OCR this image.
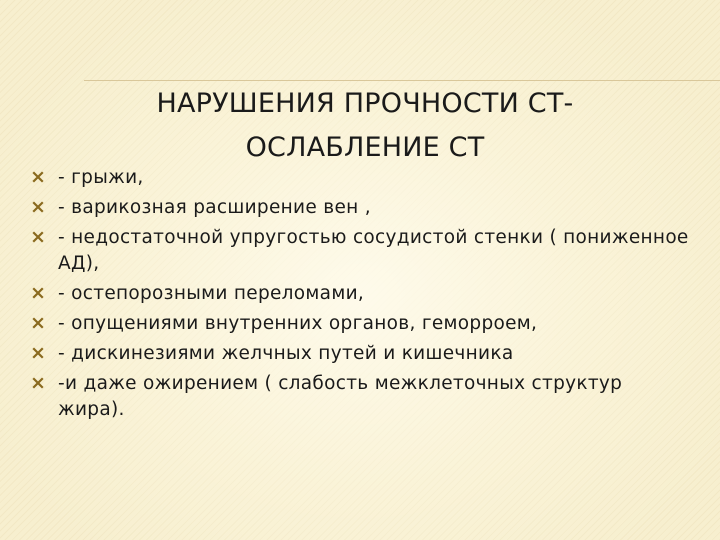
НАРУШЕНИЯ ПРОЧНОСТИ СТ-
ОСЛАБЛЕНИЕ СТ
- грыжи,
- варикозная расширение вен ,
- недостаточной упругостью сосудистой стенки ( пониженное АД),
- остепорозными переломами,
- опущениями внутренних органов, геморроем,
- дискинезиями желчных путей и кишечника
-и даже ожирением ( слабость межклеточных структур жира).
